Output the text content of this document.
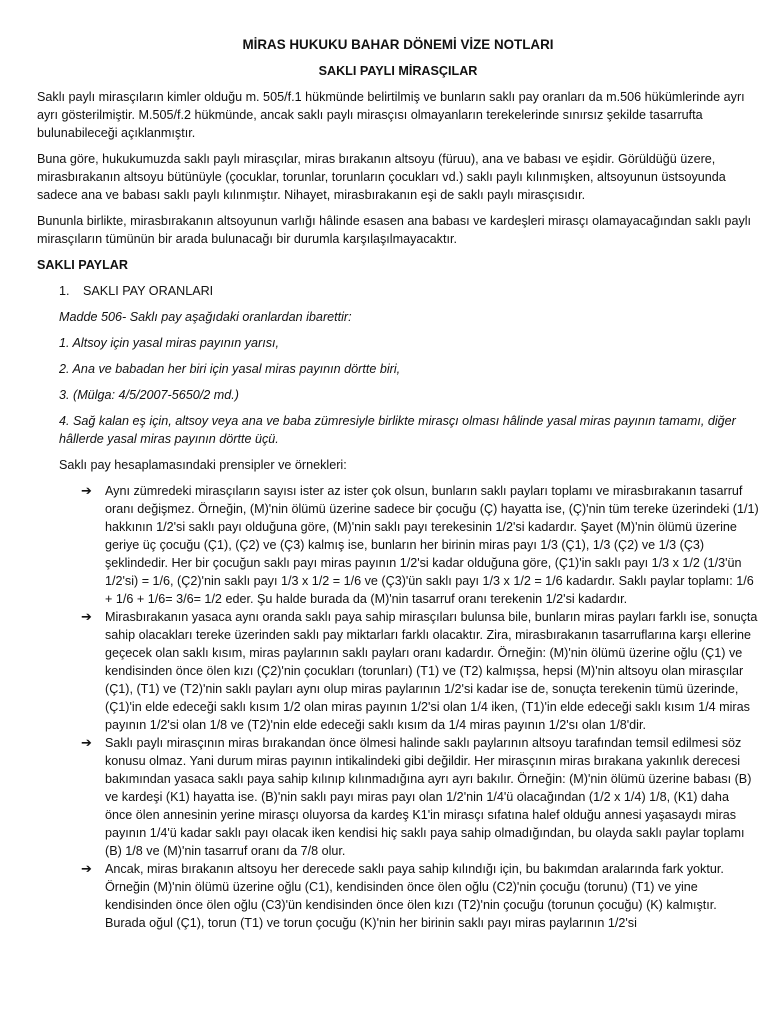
MİRAS HUKUKU BAHAR DÖNEMİ VİZE NOTLARI
SAKLI PAYLI MİRASÇILAR

Saklı paylı mirasçıların kimler olduğu m. 505/f.1 hükmünde belirtilmiş ve bunların saklı pay oranları da m.506 hükümlerinde ayrı ayrı gösterilmiştir. M.505/f.2 hükmünde, ancak saklı paylı mirasçısı olmayanların terekelerinde sınırsız şekilde tasarrufta bulunabileceği açıklanmıştır.

Buna göre, hukukumuzda saklı paylı mirasçılar, miras bırakanın altsoyu (füruu), ana ve babası ve eşidir. Görüldüğü üzere, mirasbırakanın altsoyu bütünüyle (çocuklar, torunlar, torunların çocukları vd.) saklı paylı kılınmışken, altsoyunun üstsoyunda sadece ana ve babası saklı paylı kılınmıştır. Nihayet, mirasbırakanın eşi de saklı paylı mirasçısıdır.

Bununla birlikte, mirasbırakanın altsoyunun varlığı hâlinde esasen ana babası ve kardeşleri mirasçı olamayacağından saklı paylı mirasçıların tümünün bir arada bulunacağı bir durumla karşılaşılmayacaktır.

SAKLI PAYLAR
1. SAKLI PAY ORANLARI

Madde 506- Saklı pay aşağıdaki oranlardan ibarettir:

1. Altsoy için yasal miras payının yarısı,

2. Ana ve babadan her biri için yasal miras payının dörtte biri,

3. (Mülga: 4/5/2007-5650/2 md.)

4. Sağ kalan eş için, altsoy veya ana ve baba zümresiyle birlikte mirasçı olması hâlinde yasal miras payının tamamı, diğer hâllerde yasal miras payının dörtte üçü.

Saklı pay hesaplamasındaki prensipler ve örnekleri:

➔ Aynı zümredeki mirasçıların sayısı ister az ister çok olsun, bunların saklı payları toplamı ve mirasbırakanın tasarruf oranı değişmez. Örneğin, (M)'nin ölümü üzerine sadece bir çocuğu (Ç) hayatta ise, (Ç)'nin tüm tereke üzerindeki (1/1) hakkının 1/2'si saklı payı olduğuna göre, (M)'nin saklı payı terekesinin 1/2'si kadardır. Şayet (M)'nin ölümü üzerine geriye üç çocuğu (Ç1), (Ç2) ve (Ç3) kalmış ise, bunların her birinin miras payı 1/3 (Ç1), 1/3 (Ç2) ve 1/3 (Ç3) şeklindedir. Her bir çocuğun saklı payı miras payının 1/2'si kadar olduğuna göre, (Ç1)'in saklı payı 1/3 x 1/2 (1/3'ün 1/2'si) = 1/6, (Ç2)'nin saklı payı 1/3 x 1/2 = 1/6 ve (Ç3)'ün saklı payı 1/3 x 1/2 = 1/6 kadardır. Saklı paylar toplamı: 1/6 + 1/6 + 1/6= 3/6= 1/2 eder. Şu halde burada da (M)'nin tasarruf oranı terekenin 1/2'si kadardır.
➔ Mirasbırakanın yasaca aynı oranda saklı paya sahip mirasçıları bulunsa bile, bunların miras payları farklı ise, sonuçta sahip olacakları tereke üzerinden saklı pay miktarları farklı olacaktır. Zira, mirasbırakanın tasarruflarına karşı ellerine geçecek olan saklı kısım, miras paylarının saklı payları oranı kadardır. Örneğin: (M)'nin ölümü üzerine oğlu (Ç1) ve kendisinden önce ölen kızı (Ç2)'nin çocukları (torunları) (T1) ve (T2) kalmışsa, hepsi (M)'nin altsoyu olan mirasçılar (Ç1), (T1) ve (T2)'nin saklı payları aynı olup miras paylarının 1/2'si kadar ise de, sonuçta terekenin tümü üzerinde, (Ç1)'in elde edeceği saklı kısım 1/2 olan miras payının 1/2'si olan 1/4 iken, (T1)'in elde edeceği saklı kısım 1/4 miras payının 1/2'si olan 1/8 ve (T2)'nin elde edeceği saklı kısım da 1/4 miras payının 1/2'sı olan 1/8'dir.
➔ Saklı paylı mirasçının miras bırakandan önce ölmesi halinde saklı paylarının altsoyu tarafından temsil edilmesi söz konusu olmaz. Yani durum miras payının intikalindeki gibi değildir. Her mirasçının miras bırakana yakınlık derecesi bakımından yasaca saklı paya sahip kılınıp kılınmadığına ayrı ayrı bakılır. Örneğin: (M)'nin ölümü üzerine babası (B) ve kardeşi (K1) hayatta ise. (B)'nin saklı payı miras payı olan 1/2'nin 1/4'ü olacağından (1/2 x 1/4) 1/8, (K1) daha önce ölen annesinin yerine mirasçı oluyorsa da kardeş K1'in mirasçı sıfatına halef olduğu annesi yaşasaydı miras payının 1/4'ü kadar saklı payı olacak iken kendisi hiç saklı paya sahip olmadığından, bu olayda saklı paylar toplamı (B) 1/8 ve (M)'nin tasarruf oranı da 7/8 olur.
➔ Ancak, miras bırakanın altsoyu her derecede saklı paya sahip kılındığı için, bu bakımdan aralarında fark yoktur. Örneğin (M)'nin ölümü üzerine oğlu (C1), kendisinden önce ölen oğlu (C2)'nin çocuğu (torunu) (T1) ve yine kendisinden önce ölen oğlu (C3)'ün kendisinden önce ölen kızı (T2)'nin çocuğu (torunun çocuğu) (K) kalmıştır. Burada oğul (Ç1), torun (T1) ve torun çocuğu (K)'nin her birinin saklı payı miras paylarının 1/2'si
